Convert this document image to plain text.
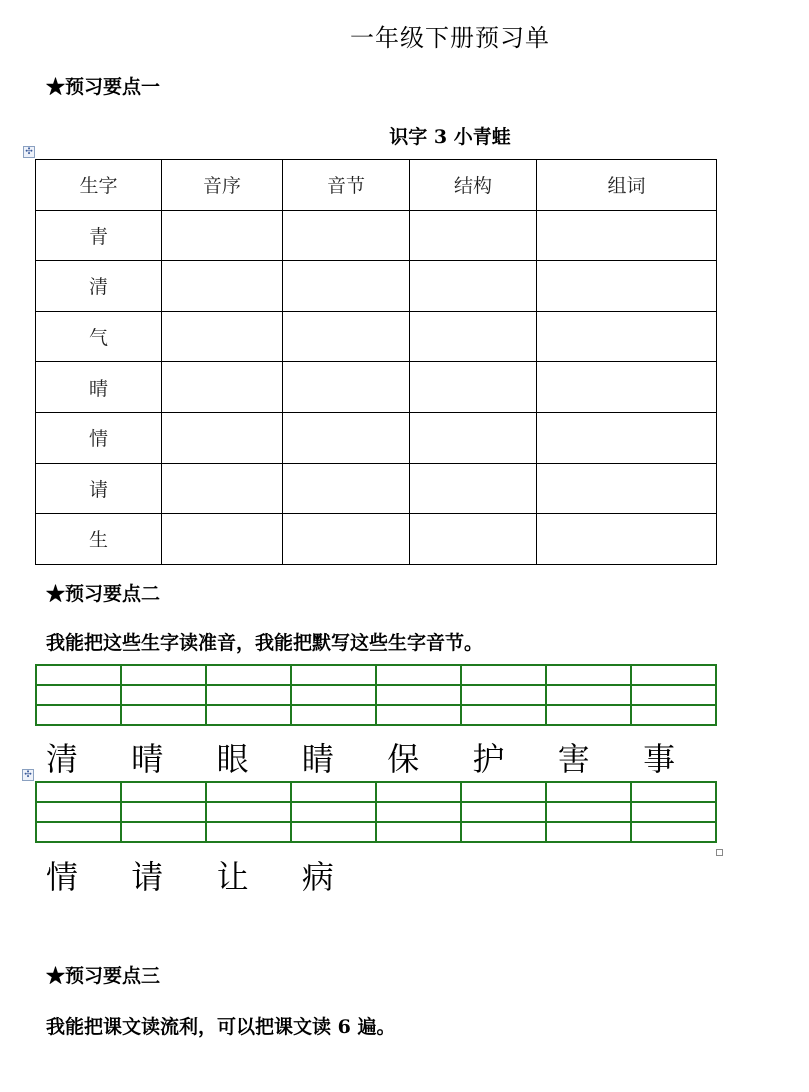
一年级下册预习单
★预习要点一
识字 3 小青蛙
✣
生字	音序	音节	结构	组词
青				
清				
气				
晴				
情				
请				
生				
★预习要点二
我能把这些生字读准音，我能把默写这些生字音节。

清	晴	眼	睛	保	护	害	事
✣

情	请	让	病
★预习要点三
我能把课文读流利，可以把课文读 6 遍。
